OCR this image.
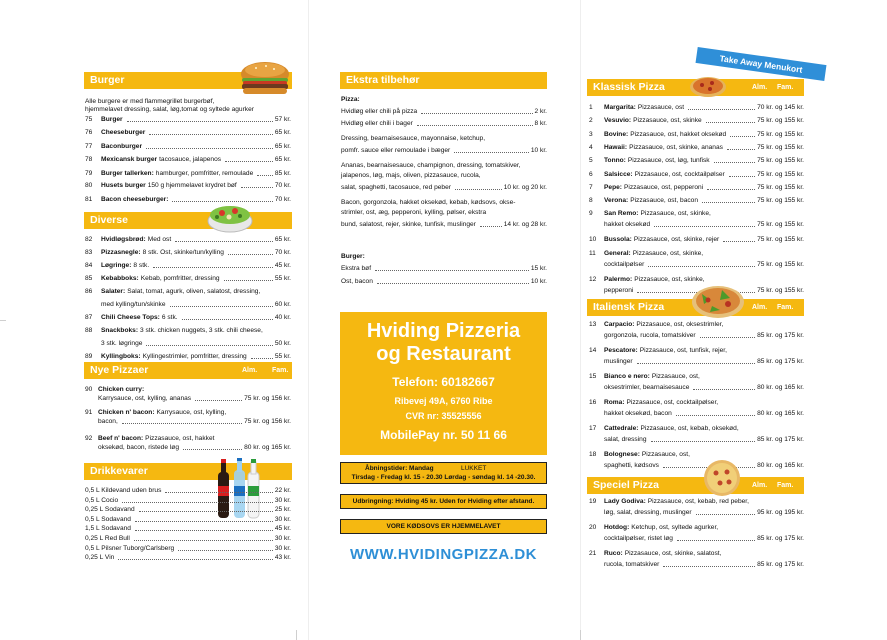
Burger
Alle burgere er med flammegrillet burgerbøf,
hjemmelavet dressing, salat, løg,tomat og syltede agurker
75 Burger	57 kr.
76 Cheeseburger	65 kr.
77 Baconburger	65 kr.
78 Mexicansk burger tacosauce, jalapenos	65 kr.
79 Burger tallerken: hamburger, pomfritter, remoulade	85 kr.
80 Husets burger 150 g hjemmelavet krydret bøf	70 kr.
81 Bacon cheeseburger:	70 kr.
Diverse
82 Hvidløgsbrød: Med ost	65 kr.
83 Pizzasnegle: 8 stk. Ost, skinke/tun/kylling	70 kr.
84 Løgringe: 8 stk.	45 kr.
85 Kebabboks: Kebab, pomfritter, dressing	55 kr.
86 Salater: Salat, tomat, agurk, oliven, salatost, dressing,
med kylling/tun/skinke	60 kr.
87 Chili Cheese Tops: 6 stk.	40 kr.
88 Snackboks: 3 stk. chicken nuggets, 3 stk. chili cheese,
3 stk. løgringe	50 kr.
89 Kyllingboks: Kyllingestrimler, pomfritter, dressing	55 kr.
Nye Pizzaer	Alm. Fam.
90 Chicken curry:
Karrysauce, ost, kylling, ananas	75 kr. og 156 kr.
91 Chicken n' bacon: Karrysauce, ost, kylling,
bacon,	75 kr. og 156 kr.
92 Beef n' bacon: Pizzasauce, ost, hakket
oksekød, bacon, ristede løg	80 kr. og 165 kr.
Drikkevarer
0,5 L Kildevand uden brus	22 kr.
0,5 L Cocio	30 kr.
0,25 L Sodavand	25 kr.
0,5 L Sodavand	30 kr.
1,5 L Sodavand	45 kr.
0,25 L Red Bull	30 kr.
0,5 L Pilsner Tuborg/Carlsberg	30 kr.
0,25 L Vin	43 kr.
Ekstra tilbehør
Pizza:
Hvidløg eller chili på pizza	2 kr.
Hvidløg eller chili i bager	8 kr.
Dressing, bearnaisesauce, mayonnaise, ketchup,
pomfr. sauce eller remoulade i bæger	10 kr.
Ananas, bearnaisesauce, champignon, dressing, tomatskiver,
jalapenos, løg, majs, oliven, pizzasauce, rucola,
salat, spaghetti, tacosauce, red peber	10 kr. og 20 kr.
Bacon, gorgonzola, hakket oksekød, kebab, kødsovs, okse-
strimler, ost, æg, pepperoni, kylling, pølser, ekstra
bund, salatost, rejer, skinke, tunfisk, muslinger	14 kr. og 28 kr.
Burger:
Ekstra bøf	15 kr.
Ost, bacon	10 kr.
Hviding Pizzeria
og Restaurant
Telefon: 60182667
Ribevej 49A, 6760 Ribe
CVR nr: 35525556
MobilePay nr. 50 11 66
Åbningstider: Mandag	LUKKET
Tirsdag - Fredag kl. 15 - 20.30 Lørdag - søndag kl. 14 -20.30.
Udbringning: Hviding 45 kr. Uden for Hviding efter afstand.
VORE KØDSOVS ER HJEMMELAVET
WWW.HVIDINGPIZZA.DK
Take Away Menukort
Klassisk Pizza	Alm. Fam.
1 Margarita: Pizzasauce, ost	70 kr. og 145 kr.
2 Vesuvio: Pizzasauce, ost, skinke	75 kr. og 155 kr.
3 Bovine: Pizzasauce, ost, hakket oksekød	75 kr. og 155 kr.
4 Hawaii: Pizzasauce, ost, skinke, ananas	75 kr. og 155 kr.
5 Tonno: Pizzasauce, ost, løg, tunfisk	75 kr. og 155 kr.
6 Salsicce: Pizzasauce, ost, cocktailpølser	75 kr. og 155 kr.
7 Pepe: Pizzasauce, ost, pepperoni	75 kr. og 155 kr.
8 Verona: Pizzasauce, ost, bacon	75 kr. og 155 kr.
9 San Remo: Pizzasauce, ost, skinke,
hakket oksekød	75 kr. og 155 kr.
10 Bussola: Pizzasauce, ost, skinke, rejer	75 kr. og 155 kr.
11 General: Pizzasauce, ost, skinke,
cocktailpølser	75 kr. og 155 kr.
12 Palermo: Pizzasauce, ost, skinke,
pepperoni	75 kr. og 155 kr.
Italiensk Pizza	Alm. Fam.
13 Carpacio: Pizzasauce, ost, oksestrimler,
gorgonzola, rucola, tomatskiver	85 kr. og 175 kr.
14 Pescatore: Pizzasauce, ost, tunfisk, rejer,
muslinger	85 kr. og 175 kr.
15 Bianco e nero: Pizzasauce, ost,
oksestrimler, bearnaisesauce	80 kr. og 165 kr.
16 Roma: Pizzasauce, ost, cocktailpølser,
hakket oksekød, bacon	80 kr. og 165 kr.
17 Cattedrale: Pizzasauce, ost, kebab, oksekød,
salat, dressing	85 kr. og 175 kr.
18 Bolognese: Pizzasauce, ost,
spaghetti, kødsovs	80 kr. og 165 kr.
Speciel Pizza	Alm. Fam.
19 Lady Godiva: Pizzasauce, ost, kebab, red peber,
løg, salat, dressing, muslinger	95 kr. og 195 kr.
20 Hotdog: Ketchup, ost, syltede agurker,
cocktailpølser, ristet løg	85 kr. og 175 kr.
21 Ruco: Pizzasauce, ost, skinke, salatost,
rucola, tomatskiver	85 kr. og 175 kr.
